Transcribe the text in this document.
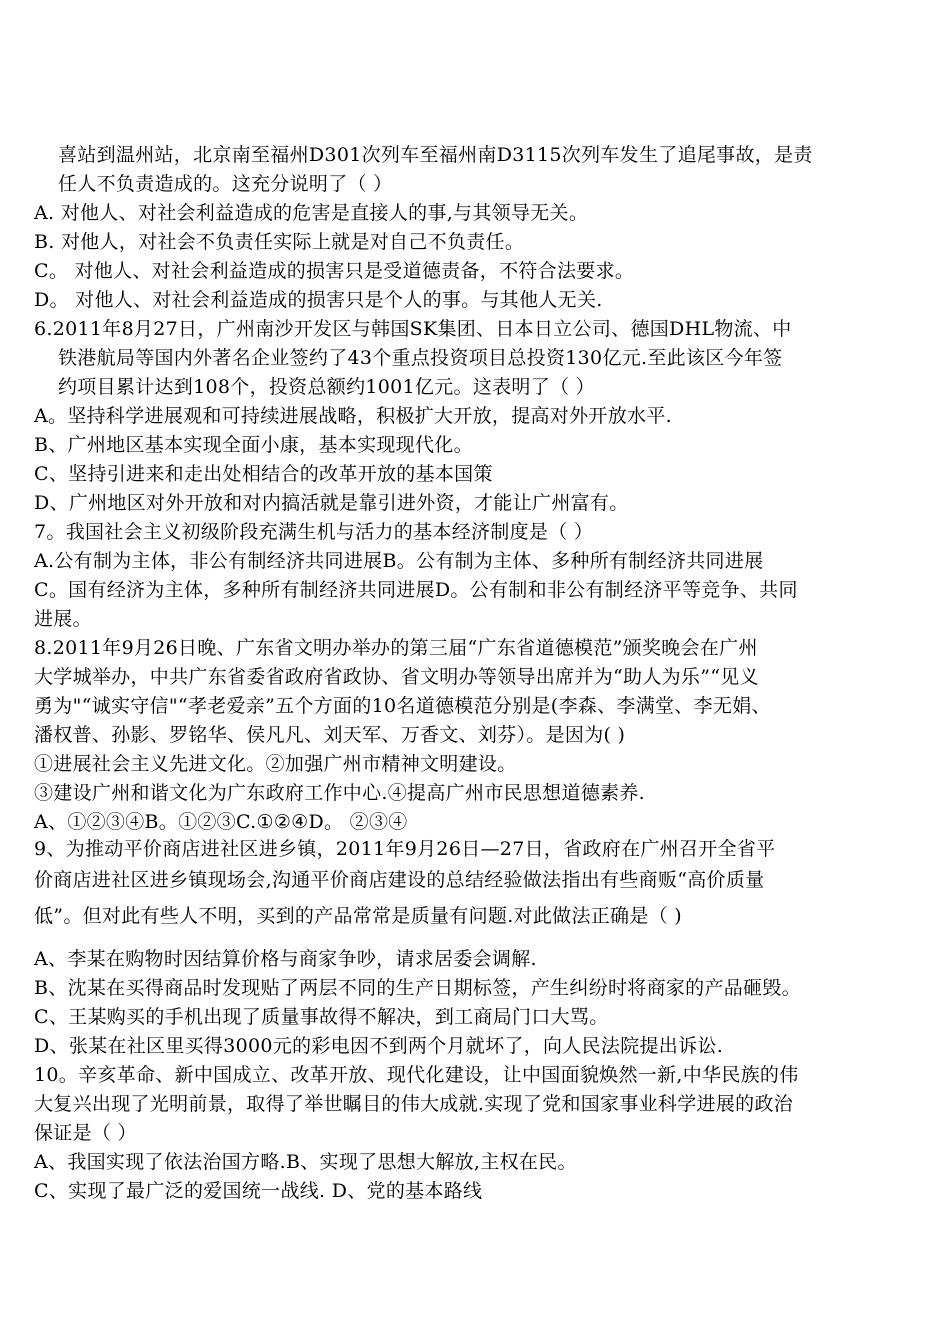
喜站到温州站，北京南至福州D301次列车至福州南D3115次列车发生了追尾事故，是责
任人不负责造成的。这充分说明了（ ）
A. 对他人、对社会利益造成的危害是直接人的事,与其领导无关。
B. 对他人，对社会不负责任实际上就是对自己不负责任。
C。 对他人、对社会利益造成的损害只是受道德责备，不符合法要求。
D。 对他人、对社会利益造成的损害只是个人的事。与其他人无关.
6.2011年8月27日，广州南沙开发区与韩国SK集团、日本日立公司、德国DHL物流、中
铁港航局等国内外著名企业签约了43个重点投资项目总投资130亿元.至此该区今年签
约项目累计达到108个，投资总额约1001亿元。这表明了（ ）
A。坚持科学进展观和可持续进展战略，积极扩大开放，提高对外开放水平.
B、广州地区基本实现全面小康，基本实现现代化。
C、坚持引进来和走出处相结合的改革开放的基本国策
D、广州地区对外开放和对内搞活就是靠引进外资，才能让广州富有。
7。我国社会主义初级阶段充满生机与活力的基本经济制度是（ ）
A.公有制为主体，非公有制经济共同进展B。公有制为主体、多种所有制经济共同进展
C。国有经济为主体，多种所有制经济共同进展D。公有制和非公有制经济平等竞争、共同
进展。
8.2011年9月26日晚、广东省文明办举办的第三届“广东省道德模范”颁奖晚会在广州
大学城举办，中共广东省委省政府省政协、省文明办等领导出席并为“助人为乐”“见义
勇为"“诚实守信"“孝老爱亲”五个方面的10名道德模范分别是(李森、李满堂、李无娟、
潘权普、孙影、罗铭华、侯凡凡、刘天军、万香文、刘芬）。是因为( )
①进展社会主义先进文化。②加强广州市精神文明建设。
③建设广州和谐文化为广东政府工作中心.④提高广州市民思想道德素养.
A、①②③④B。①②③C.①②④D。 ②③④
9、为推动平价商店进社区进乡镇，2011年9月26日—27日，省政府在广州召开全省平
价商店进社区进乡镇现场会,沟通平价商店建设的总结经验做法指出有些商贩“高价质量
低”。但对此有些人不明，买到的产品常常是质量有问题.对此做法正确是（ )
A、李某在购物时因结算价格与商家争吵，请求居委会调解.
B、沈某在买得商品时发现贴了两层不同的生产日期标签，产生纠纷时将商家的产品砸毁。
C、王某购买的手机出现了质量事故得不解决，到工商局门口大骂。
D、张某在社区里买得3000元的彩电因不到两个月就坏了，向人民法院提出诉讼.
10。辛亥革命、新中国成立、改革开放、现代化建设，让中国面貌焕然一新,中华民族的伟
大复兴出现了光明前景，取得了举世瞩目的伟大成就.实现了党和国家事业科学进展的政治
保证是（ ）
A、我国实现了依法治国方略.B、实现了思想大解放,主权在民。
C、实现了最广泛的爱国统一战线. D、党的基本路线
